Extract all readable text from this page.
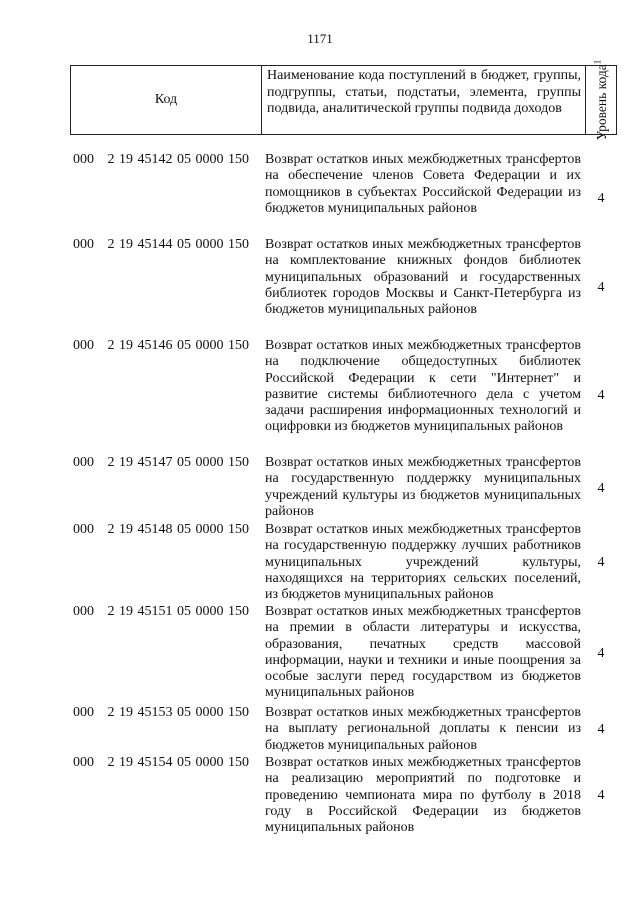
1171
Код
Наименование кода поступлений в бюджет, группы, подгруппы, статьи, подстатьи, элемента, группы подвида, аналитической группы подвида доходов	Уровень кода$^1$
000 2 19 45142 05 0000 150 Возврат остатков иных межбюджетных трансфертов на обеспечение членов Совета Федерации и их помощников в субъектах Российской Федерации из бюджетов муниципальных районов
4
000 2 19 45144 05 0000 150 Возврат остатков иных межбюджетных трансфертов на комплектование книжных фондов библиотек муниципальных образований и государственных библиотек городов Москвы и Санкт-Петербурга из бюджетов муниципальных районов
4
000 2 19 45146 05 0000 150 Возврат остатков иных межбюджетных трансфертов на подключение общедоступных библиотек Российской Федерации к сети "Интернет" и развитие системы библиотечного дела с учетом задачи расширения информационных технологий и оцифровки из бюджетов муниципальных районов
4
000 2 19 45147 05 0000 150 Возврат остатков иных межбюджетных трансфертов на государственную поддержку муниципальных учреждений культуры из бюджетов муниципальных районов
4
000 2 19 45148 05 0000 150 Возврат остатков иных межбюджетных трансфертов на государственную поддержку лучших работников муниципальных учреждений культуры, находящихся на территориях сельских поселений, из бюджетов муниципальных районов
4
000 2 19 45151 05 0000 150 Возврат остатков иных межбюджетных трансфертов на премии в области литературы и искусства, образования, печатных средств массовой информации, науки и техники и иные поощрения за особые заслуги перед государством из бюджетов муниципальных районов
4
000 2 19 45153 05 0000 150 Возврат остатков иных межбюджетных трансфертов на выплату региональной доплаты к пенсии из бюджетов муниципальных районов
4
000 2 19 45154 05 0000 150 Возврат остатков иных межбюджетных трансфертов на реализацию мероприятий по подготовке и проведению чемпионата мира по футболу в 2018 году в Российской Федерации из бюджетов муниципальных районов
4
